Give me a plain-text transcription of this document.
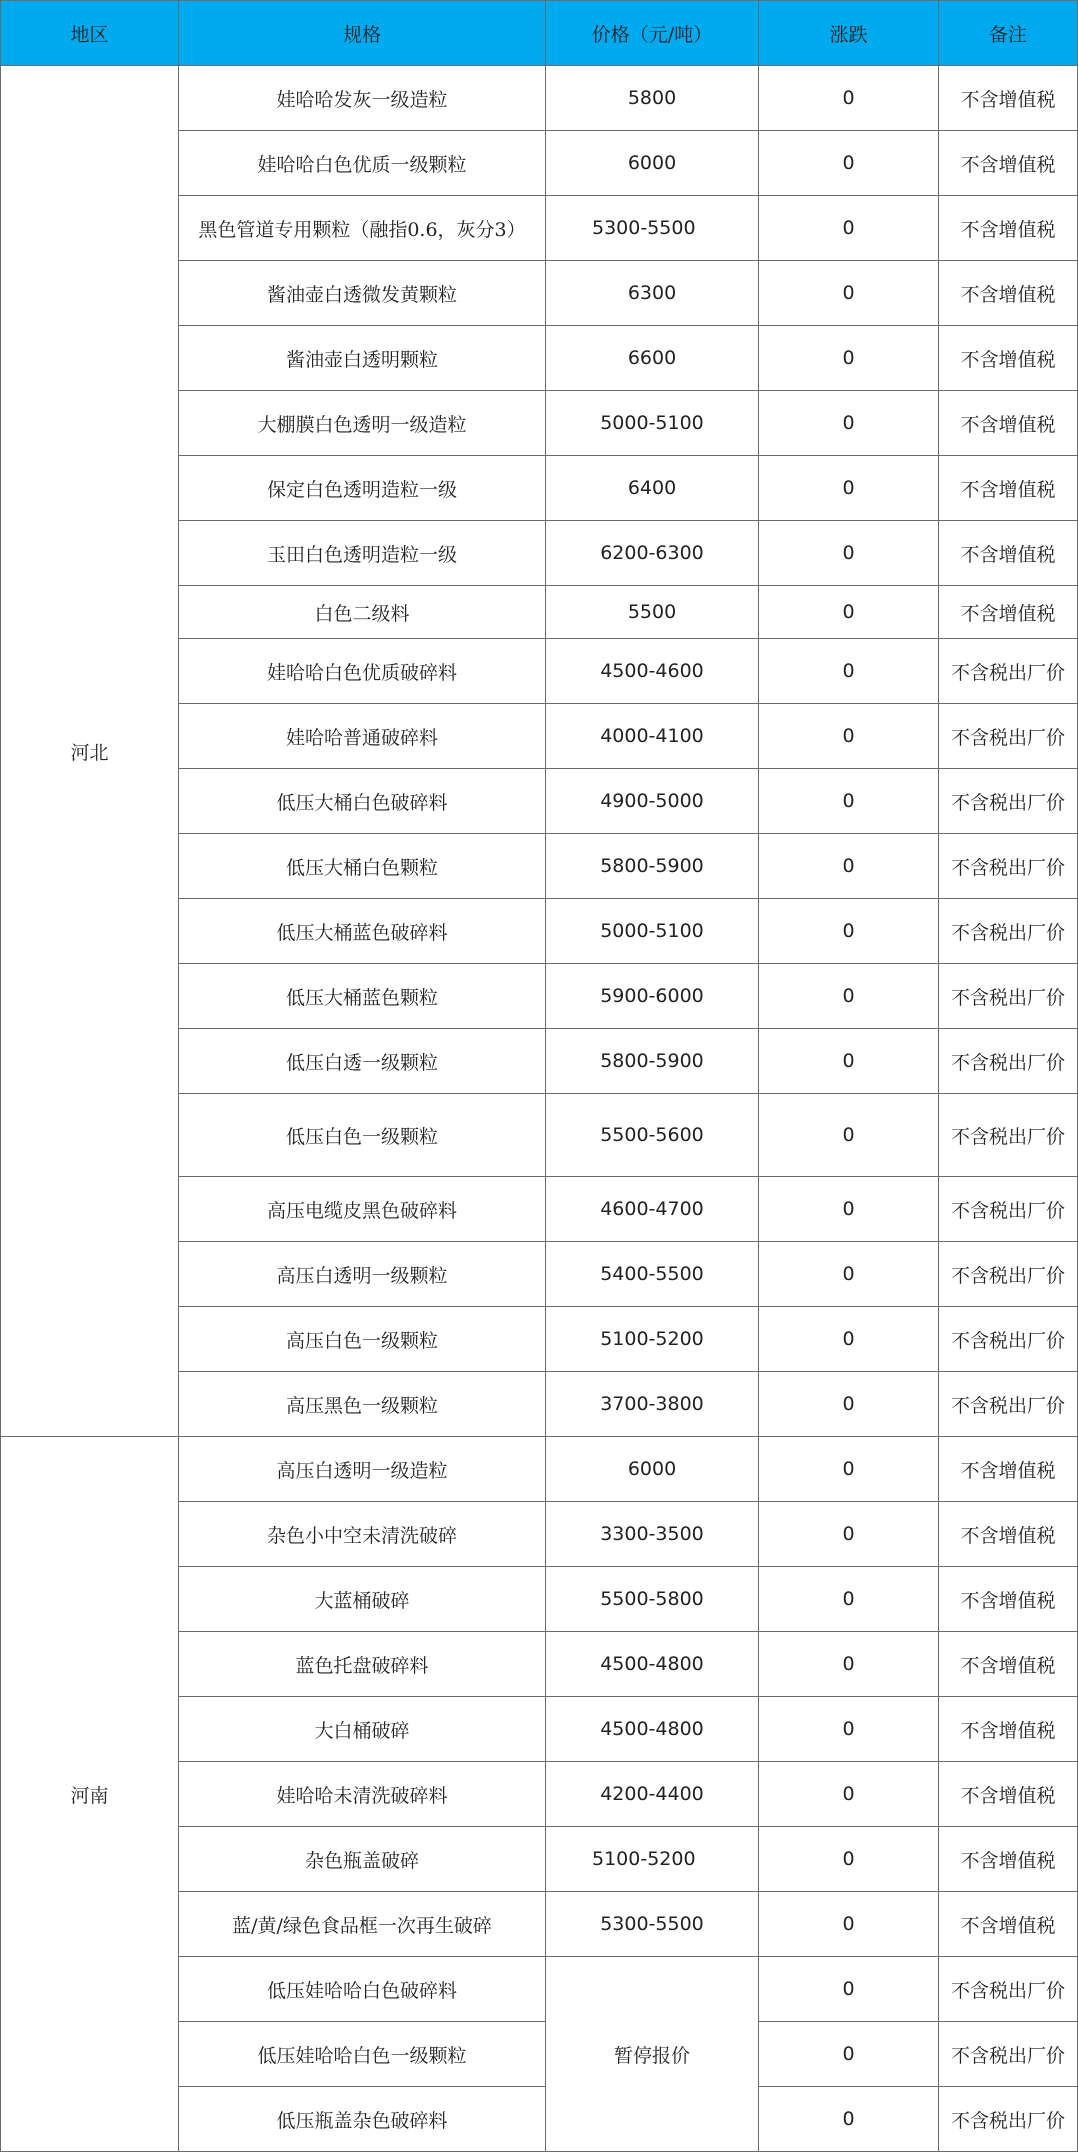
地区	规格	价格（元/吨）	涨跌	备注
河北	娃哈哈发灰一级造粒	5800	0	不含增值税
	娃哈哈白色优质一级颗粒	6000	0	不含增值税
	黑色管道专用颗粒（融指0.6，灰分3）	5300-5500	0	不含增值税
	酱油壶白透微发黄颗粒	6300	0	不含增值税
	酱油壶白透明颗粒	6600	0	不含增值税
	大棚膜白色透明一级造粒	5000-5100	0	不含增值税
	保定白色透明造粒一级	6400	0	不含增值税
	玉田白色透明造粒一级	6200-6300	0	不含增值税
	白色二级料	5500	0	不含增值税
	娃哈哈白色优质破碎料	4500-4600	0	不含税出厂价
	娃哈哈普通破碎料	4000-4100	0	不含税出厂价
	低压大桶白色破碎料	4900-5000	0	不含税出厂价
	低压大桶白色颗粒	5800-5900	0	不含税出厂价
	低压大桶蓝色破碎料	5000-5100	0	不含税出厂价
	低压大桶蓝色颗粒	5900-6000	0	不含税出厂价
	低压白透一级颗粒	5800-5900	0	不含税出厂价
	低压白色一级颗粒	5500-5600	0	不含税出厂价
	高压电缆皮黑色破碎料	4600-4700	0	不含税出厂价
	高压白透明一级颗粒	5400-5500	0	不含税出厂价
	高压白色一级颗粒	5100-5200	0	不含税出厂价
	高压黑色一级颗粒	3700-3800	0	不含税出厂价
河南	高压白透明一级造粒	6000	0	不含增值税
	杂色小中空未清洗破碎	3300-3500	0	不含增值税
	大蓝桶破碎	5500-5800	0	不含增值税
	蓝色托盘破碎料	4500-4800	0	不含增值税
	大白桶破碎	4500-4800	0	不含增值税
	娃哈哈未清洗破碎料	4200-4400	0	不含增值税
	杂色瓶盖破碎	5100-5200	0	不含增值税
	蓝/黄/绿色食品框一次再生破碎	5300-5500	0	不含增值税
	低压娃哈哈白色破碎料	暂停报价	0	不含税出厂价
	低压娃哈哈白色一级颗粒		0	不含税出厂价
	低压瓶盖杂色破碎料		0	不含税出厂价
